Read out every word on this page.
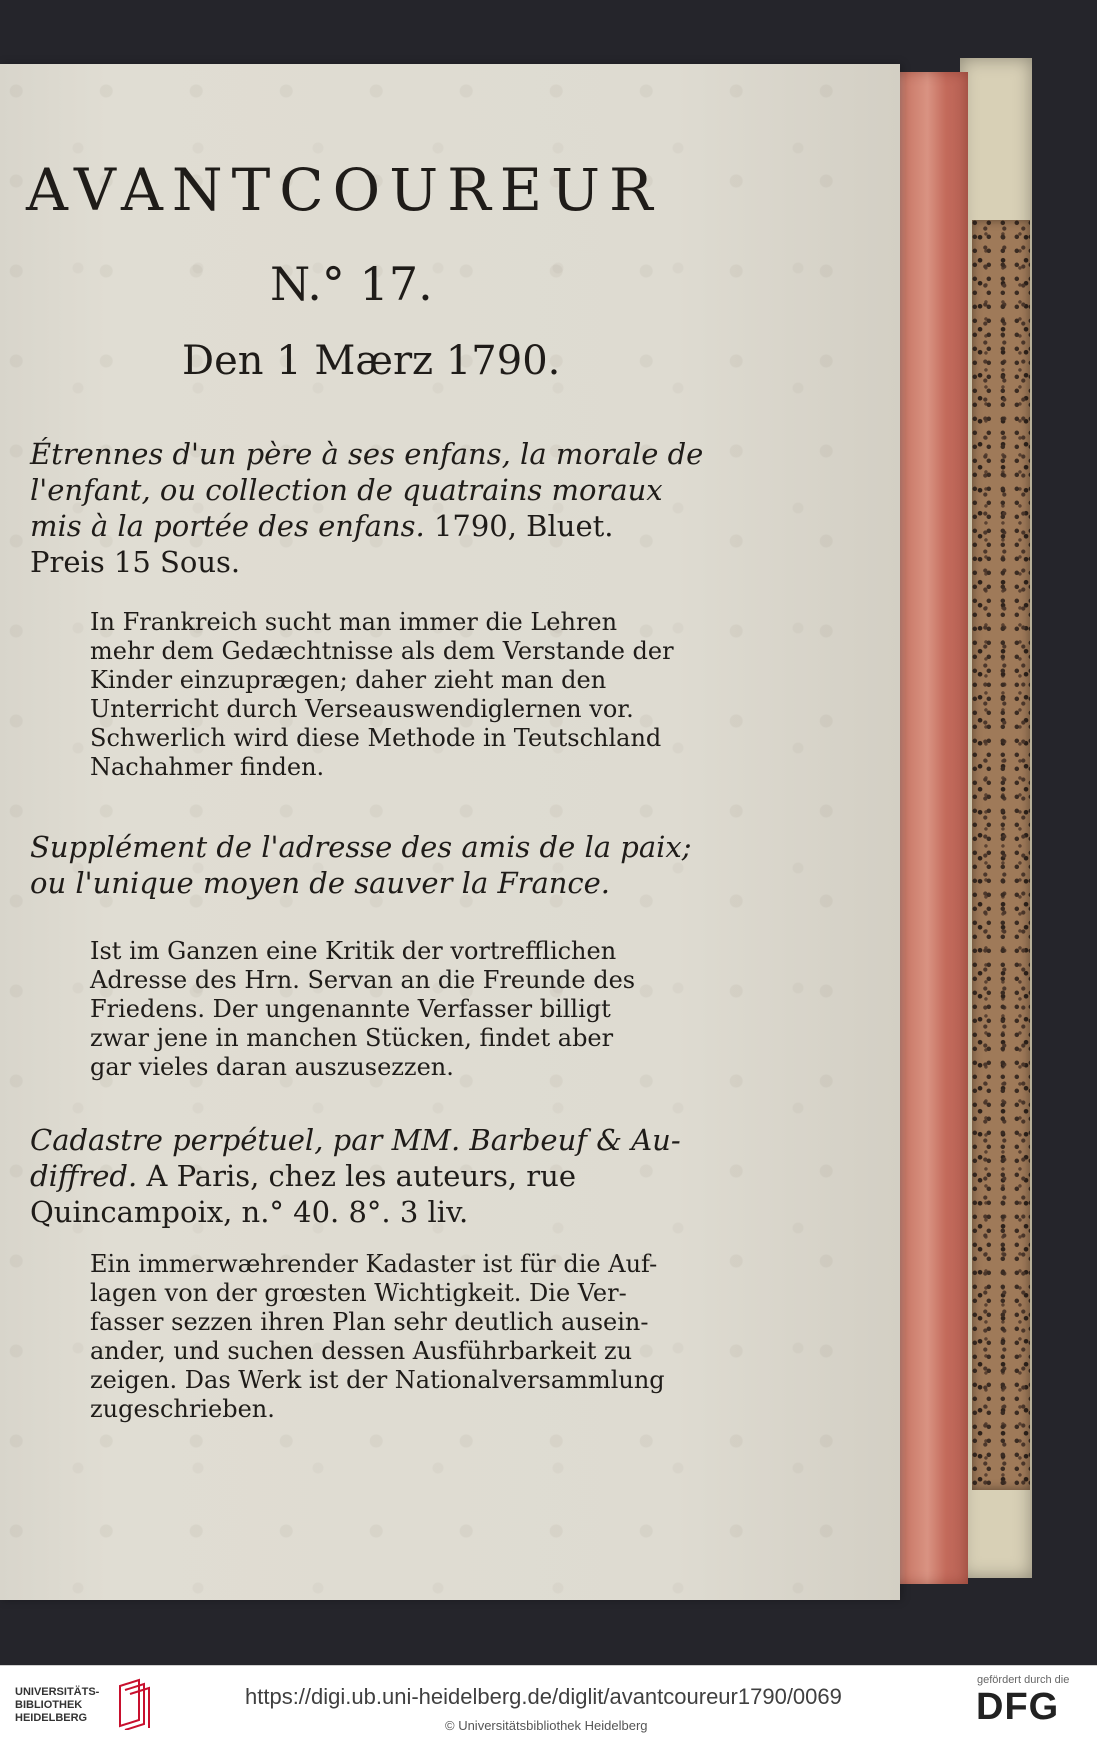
AVANTCOUREUR
N.° 17.
Den 1 Mærz 1790.
Étrennes d'un père à ses enfans, la morale de
l'enfant, ou collection de quatrains moraux
mis à la portée des enfans. 1790, Bluet.
Preis 15 Sous.
In Frankreich sucht man immer die Lehren
mehr dem Gedæchtnisse als dem Verstande der
Kinder einzuprægen; daher zieht man den
Unterricht durch Verseauswendiglernen vor.
Schwerlich wird diese Methode in Teutschland
Nachahmer finden.
Supplément de l'adresse des amis de la paix;
ou l'unique moyen de sauver la France.
Ist im Ganzen eine Kritik der vortrefflichen
Adresse des Hrn. Servan an die Freunde des
Friedens. Der ungenannte Verfasser billigt
zwar jene in manchen Stücken, findet aber
gar vieles daran auszusezzen.
Cadastre perpétuel, par MM. Barbeuf & Au-
diffred. A Paris, chez les auteurs, rue
Quincampoix, n.° 40. 8°. 3 liv.
Ein immerwæhrender Kadaster ist für die Auf-
lagen von der grœsten Wichtigkeit. Die Ver-
fasser sezzen ihren Plan sehr deutlich ausein-
ander, und suchen dessen Ausführbarkeit zu
zeigen. Das Werk ist der Nationalversammlung
zugeschrieben.
UNIVERSITÄTS-
BIBLIOTHEK
HEIDELBERG
https://digi.ub.uni-heidelberg.de/diglit/avantcoureur1790/0069
© Universitätsbibliothek Heidelberg
gefördert durch die
DFG
